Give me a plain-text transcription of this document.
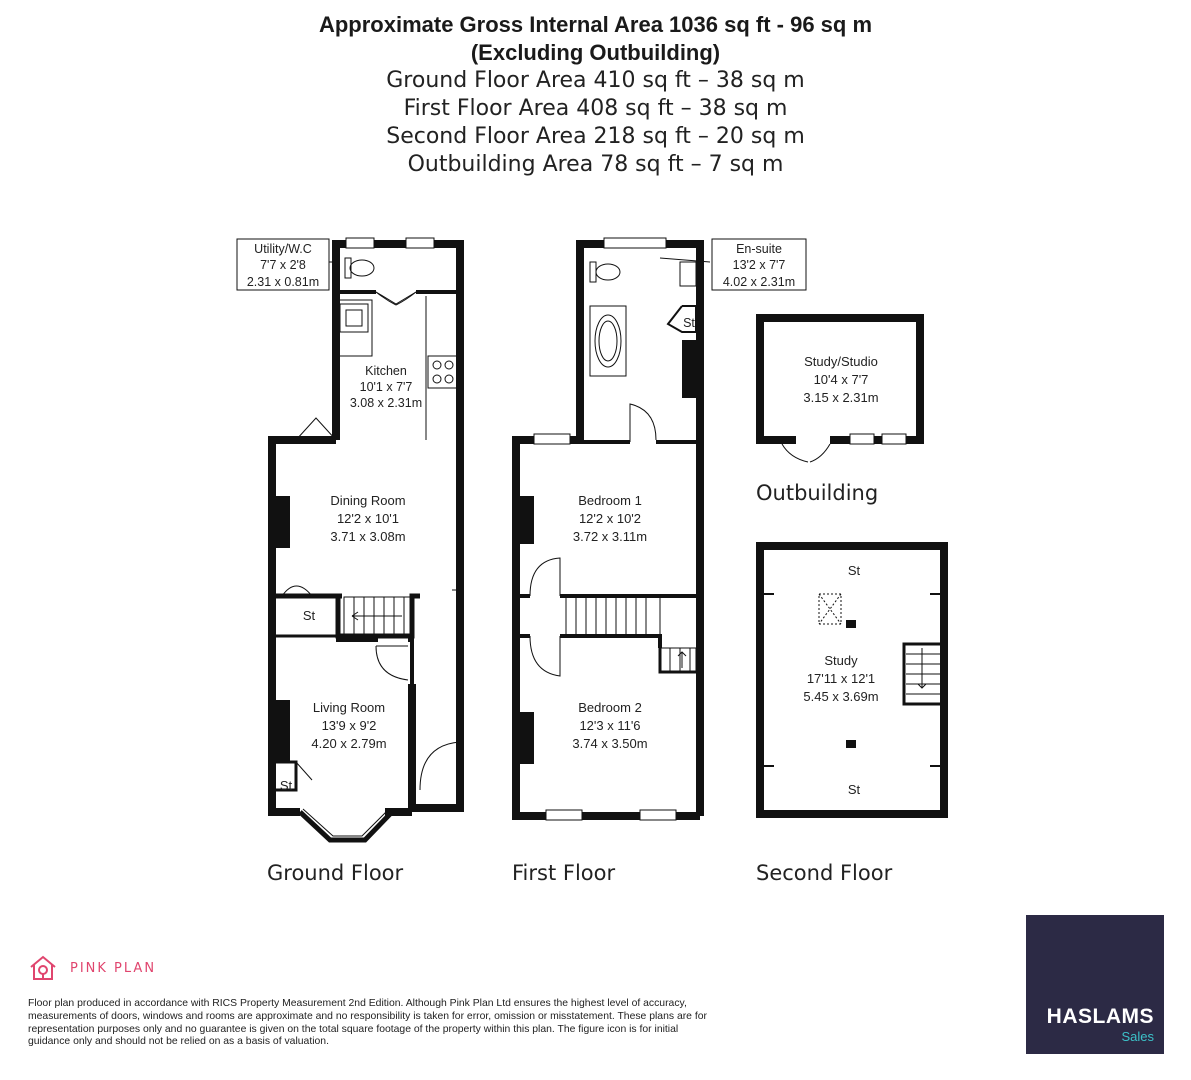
Approximate Gross Internal Area 1036 sq ft - 96 sq m
(Excluding Outbuilding)
Ground Floor Area 410 sq ft – 38 sq m
First Floor Area 408 sq ft – 38 sq m
Second Floor Area 218 sq ft – 20 sq m
Outbuilding Area 78 sq ft – 7 sq m
Utility/W.C
7'7 x 2'8
2.31 x 0.81m
Kitchen
10'1 x 7'7
3.08 x 2.31m
Dining Room
12'2 x 10'1
3.71 x 3.08m
St
Living Room
13'9 x 9'2
4.20 x 2.79m
St
Ground Floor
En-suite
13'2 x 7'7
4.02 x 2.31m
St
Bedroom 1
12'2 x 10'2
3.72 x 3.11m
Bedroom 2
12'3 x 11'6
3.74 x 3.50m
First Floor
Study/Studio
10'4 x 7'7
3.15 x 2.31m
Outbuilding
St
Study
17'11 x 12'1
5.45 x 3.69m
St
Second Floor
PINK PLAN
Floor plan produced in accordance with RICS Property Measurement 2nd Edition. Although Pink Plan Ltd ensures the highest level of accuracy, measurements of doors, windows and rooms are approximate and no responsibility is taken for error, omission or misstatement. These plans are for representation purposes only and no guarantee is given on the total square footage of the property within this plan. The figure icon is for initial guidance only and should not be relied on as a basis of valuation.
HASLAMS
Sales
